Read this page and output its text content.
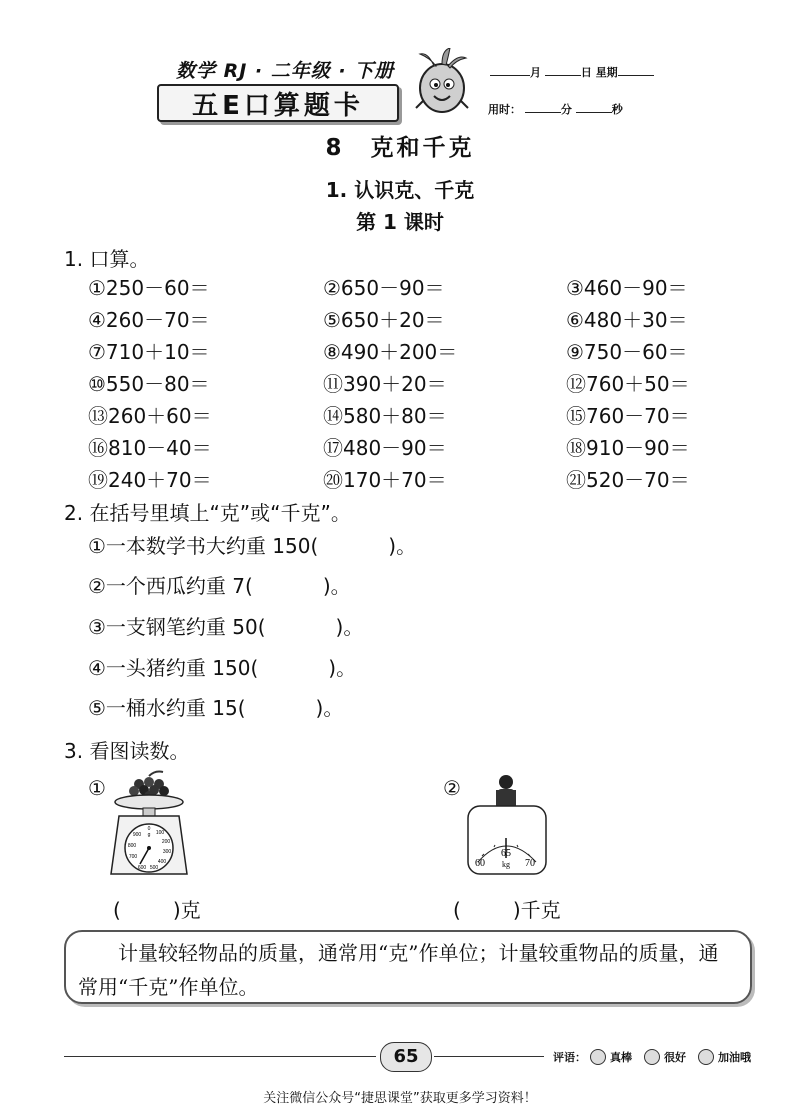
数学 RJ · 二年级 · 下册
五E口算题卡
月	日 星期
用时：	分	秒
8　克和千克
1. 认识克、千克
第 1 课时
1. 口算。
①250－60＝	②650－90＝	③460－90＝
④260－70＝	⑤650＋20＝	⑥480＋30＝
⑦710＋10＝	⑧490＋200＝	⑨750－60＝
⑩550－80＝	⑪390＋20＝	⑫760＋50＝
⑬260＋60＝	⑭580＋80＝	⑮760－70＝
⑯810－40＝	⑰480－90＝	⑱910－90＝
⑲240＋70＝	⑳170＋70＝	㉑520－70＝
2. 在括号里填上“克”或“千克”。
①一本数学书大约重 150(	)。
②一个西瓜约重 7(	)。
③一支钢笔约重 50(	)。
④一头猪约重 150(	)。
⑤一桶水约重 15(	)。
3. 看图读数。
①
0
g 100
200
300
400
500
600
700
800
900
(	)克
②
60
65
70
kg
(	)千克
计量较轻物品的质量，通常用“克”作单位；计量较重物品的质量，通常用“千克”作单位。
65	评语： 真棒	很好	加油哦
关注微信公众号“捷思课堂”获取更多学习资料！
